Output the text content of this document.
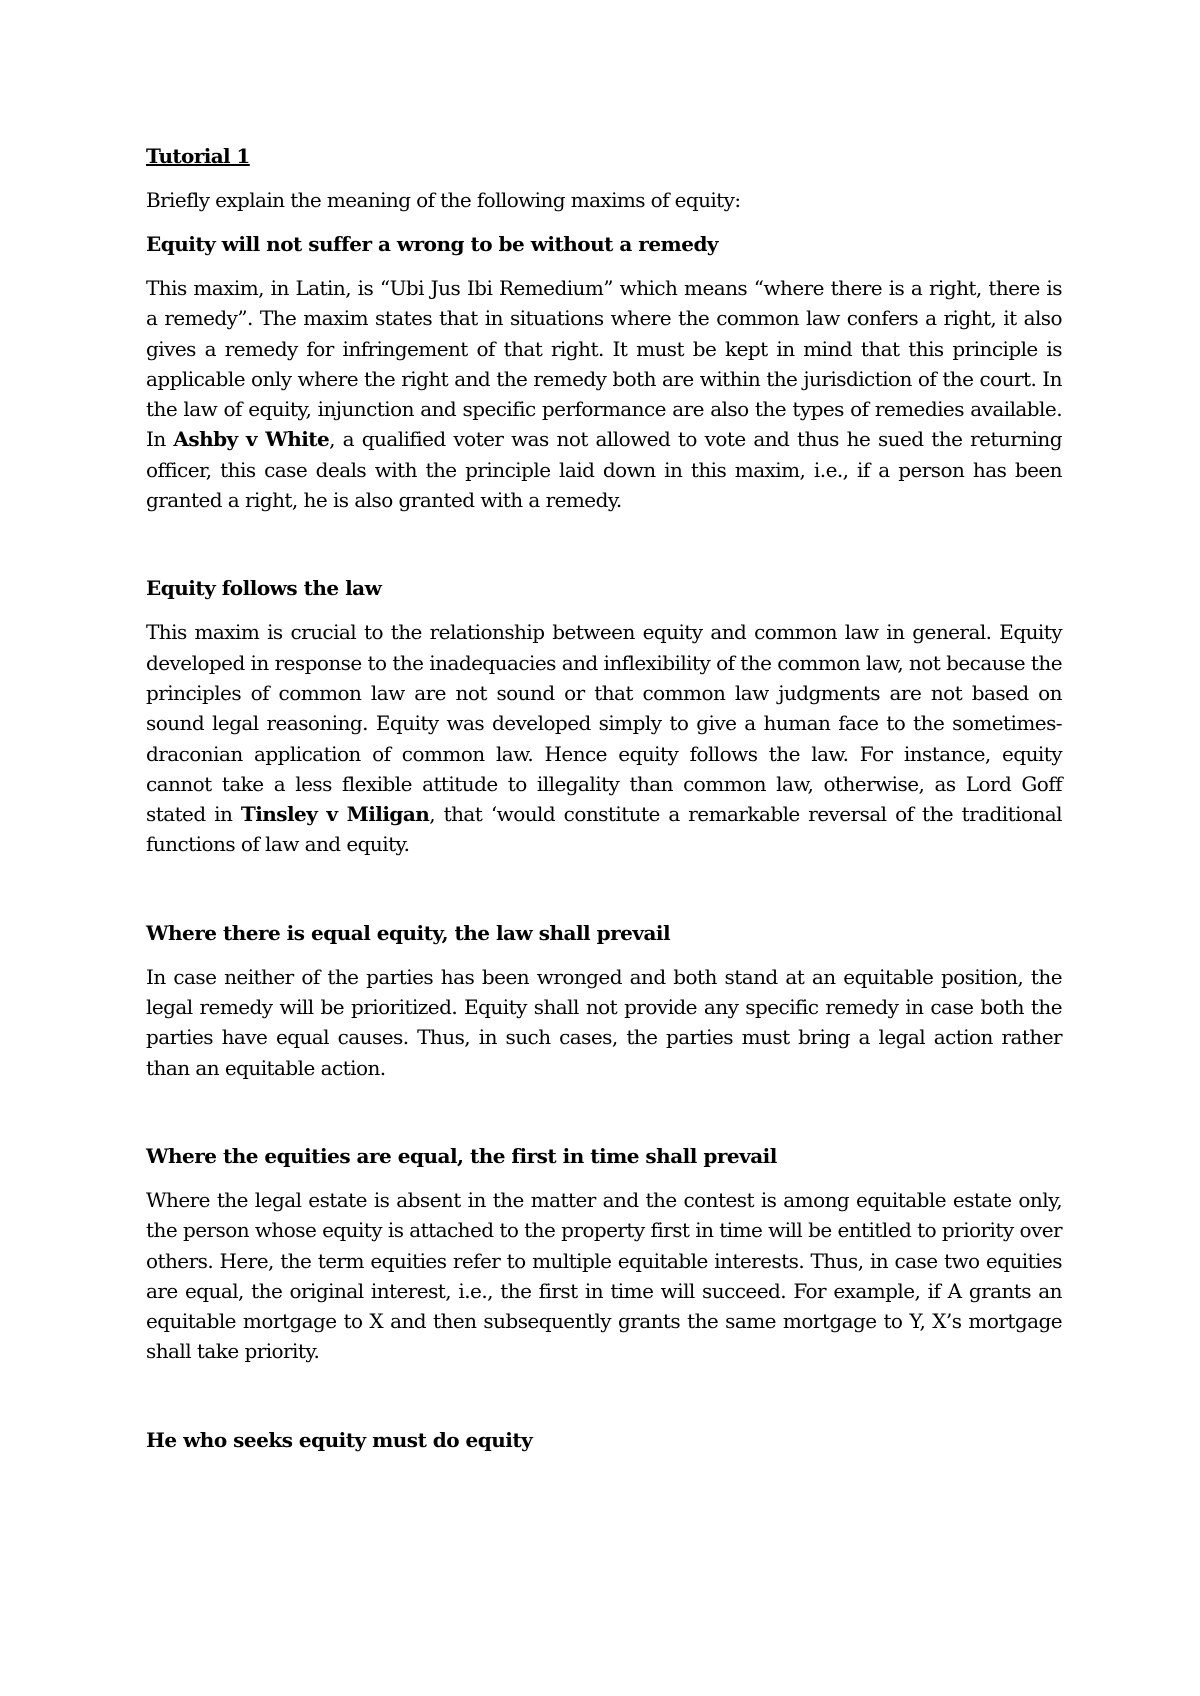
Tutorial 1
Briefly explain the meaning of the following maxims of equity:
Equity will not suffer a wrong to be without a remedy

This maxim, in Latin, is “Ubi Jus Ibi Remedium” which means “where there is a right, there is a remedy”. The maxim states that in situations where the common law confers a right, it also gives a remedy for infringement of that right. It must be kept in mind that this principle is applicable only where the right and the remedy both are within the jurisdiction of the court. In the law of equity, injunction and specific performance are also the types of remedies available. In Ashby v White, a qualified voter was not allowed to vote and thus he sued the returning officer, this case deals with the principle laid down in this maxim, i.e., if a person has been granted a right, he is also granted with a remedy.

Equity follows the law

This maxim is crucial to the relationship between equity and common law in general. Equity developed in response to the inadequacies and inflexibility of the common law, not because the principles of common law are not sound or that common law judgments are not based on sound legal reasoning. Equity was developed simply to give a human face to the sometimes-draconian application of common law. Hence equity follows the law. For instance, equity cannot take a less flexible attitude to illegality than common law, otherwise, as Lord Goff stated in Tinsley v Miligan, that ‘would constitute a remarkable reversal of the traditional functions of law and equity.

Where there is equal equity, the law shall prevail

In case neither of the parties has been wronged and both stand at an equitable position, the legal remedy will be prioritized. Equity shall not provide any specific remedy in case both the parties have equal causes. Thus, in such cases, the parties must bring a legal action rather than an equitable action.

Where the equities are equal, the first in time shall prevail

Where the legal estate is absent in the matter and the contest is among equitable estate only, the person whose equity is attached to the property first in time will be entitled to priority over others. Here, the term equities refer to multiple equitable interests. Thus, in case two equities are equal, the original interest, i.e., the first in time will succeed. For example, if A grants an equitable mortgage to X and then subsequently grants the same mortgage to Y, X’s mortgage shall take priority.

He who seeks equity must do equity
